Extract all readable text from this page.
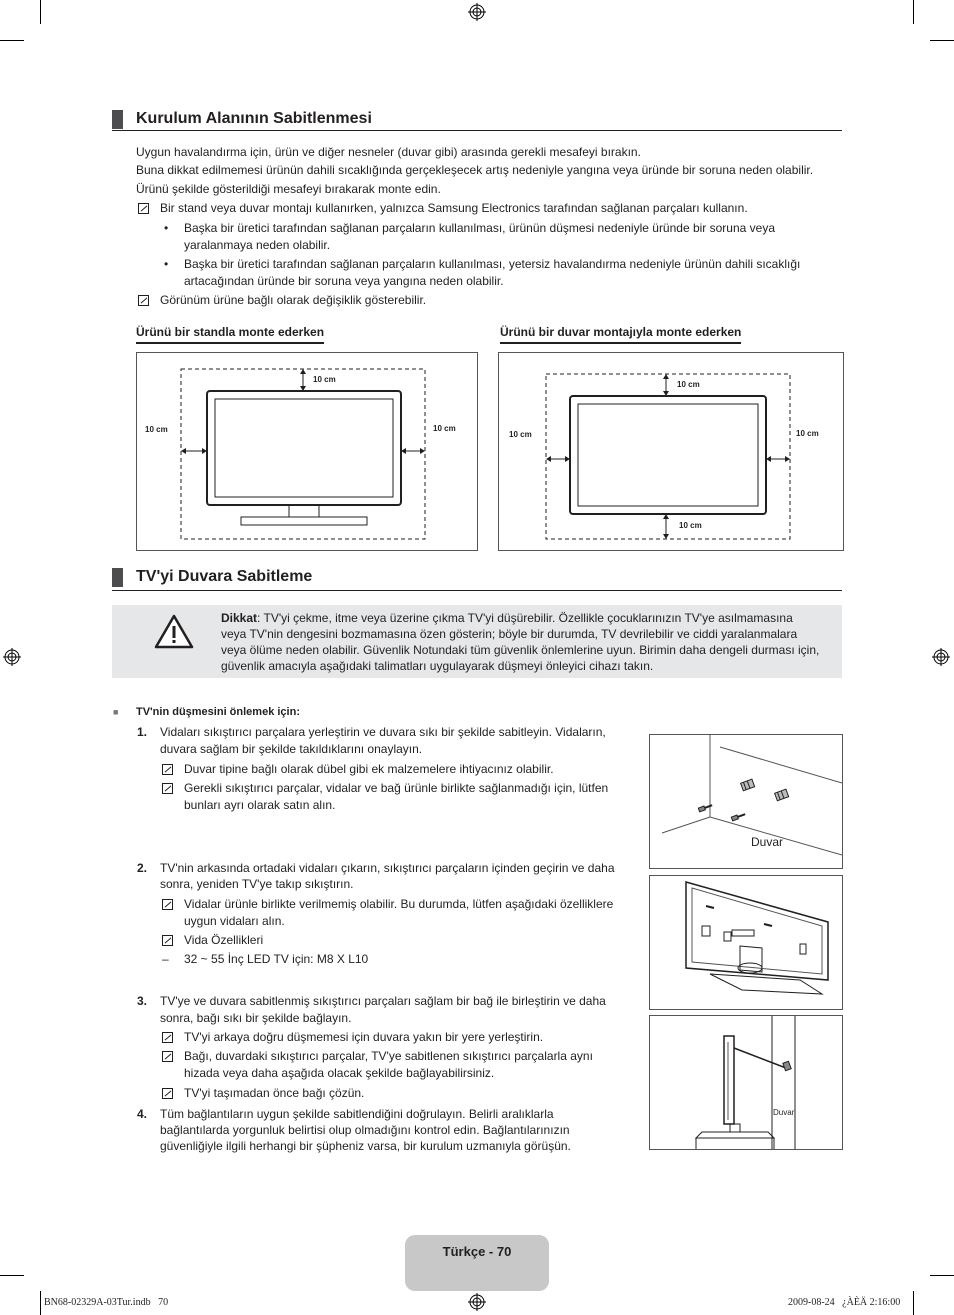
Kurulum Alanının Sabitlenmesi
Uygun havalandırma için, ürün ve diğer nesneler (duvar gibi) arasında gerekli mesafeyi bırakın.
Buna dikkat edilmemesi ürünün dahili sıcaklığında gerçekleşecek artış nedeniyle yangına veya üründe bir soruna neden olabilir.
Ürünü şekilde gösterildiği mesafeyi bırakarak monte edin.
Bir stand veya duvar montajı kullanırken, yalnızca Samsung Electronics tarafından sağlanan parçaları kullanın.
• Başka bir üretici tarafından sağlanan parçaların kullanılması, ürünün düşmesi nedeniyle üründe bir soruna veya
yaralanmaya neden olabilir.
• Başka bir üretici tarafından sağlanan parçaların kullanılması, yetersiz havalandırma nedeniyle ürünün dahili sıcaklığı
artacağından üründe bir soruna veya yangına neden olabilir.
Görünüm ürüne bağlı olarak değişiklik gösterebilir.
Ürünü bir standla monte ederken	Ürünü bir duvar montajıyla monte ederken
10 cm
10 cm	10 cm
10 cm
10 cm
10 cm	10 cm
TV'yi Duvara Sabitleme
Dikkat: TV'yi çekme, itme veya üzerine çıkma TV'yi düşürebilir. Özellikle çocuklarınızın TV'ye asılmamasına
veya TV'nin dengesini bozmamasına özen gösterin; böyle bir durumda, TV devrilebilir ve ciddi yaralanmalara
veya ölüme neden olabilir. Güvenlik Notundaki tüm güvenlik önlemlerine uyun. Birimin daha dengeli durması için,
güvenlik amacıyla aşağıdaki talimatları uygulayarak düşmeyi önleyici cihazı takın.
■ TV'nin düşmesini önlemek için:
1. Vidaları sıkıştırıcı parçalara yerleştirin ve duvara sıkı bir şekilde sabitleyin. Vidaların,
duvara sağlam bir şekilde takıldıklarını onaylayın.
Duvar tipine bağlı olarak dübel gibi ek malzemelere ihtiyacınız olabilir.
Gerekli sıkıştırıcı parçalar, vidalar ve bağ ürünle birlikte sağlanmadığı için, lütfen
bunları ayrı olarak satın alın.
2. TV'nin arkasında ortadaki vidaları çıkarın, sıkıştırıcı parçaların içinden geçirin ve daha
sonra, yeniden TV'ye takıp sıkıştırın.
Vidalar ürünle birlikte verilmemiş olabilir. Bu durumda, lütfen aşağıdaki özelliklere
uygun vidaları alın.
Vida Özellikleri
– 32 ~ 55 İnç LED TV için: M8 X L10
3. TV'ye ve duvara sabitlenmiş sıkıştırıcı parçaları sağlam bir bağ ile birleştirin ve daha
sonra, bağı sıkı bir şekilde bağlayın.
TV'yi arkaya doğru düşmemesi için duvara yakın bir yere yerleştirin.
Bağı, duvardaki sıkıştırıcı parçalar, TV'ye sabitlenen sıkıştırıcı parçalarla aynı
hizada veya daha aşağıda olacak şekilde bağlayabilirsiniz.
TV'yi taşımadan önce bağı çözün.
4. Tüm bağlantıların uygun şekilde sabitlendiğini doğrulayın. Belirli aralıklarla
bağlantılarda yorgunluk belirtisi olup olmadığını kontrol edin. Bağlantılarınızın
güvenliğiyle ilgili herhangi bir şüpheniz varsa, bir kurulum uzmanıyla görüşün.
Duvar
Duvar
Türkçe - 70
BN68-02329A-03Tur.indb   70	2009-08-24   ¿ÀÈÄ 2:16:00
